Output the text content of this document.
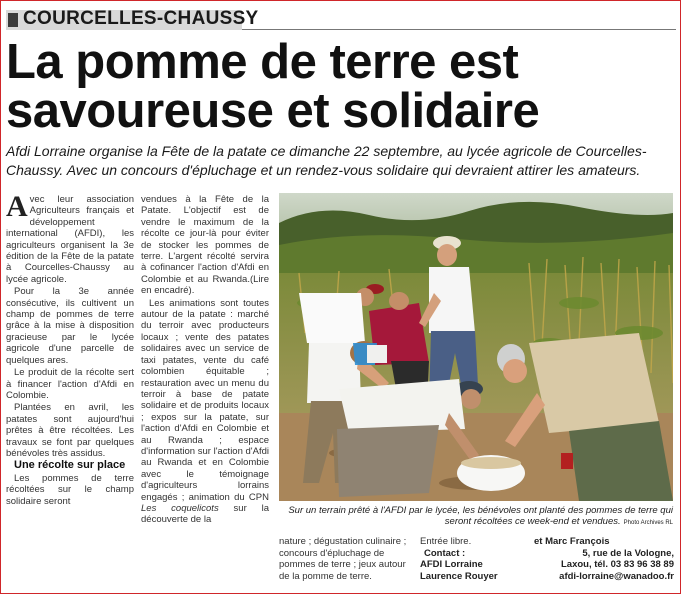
COURCELLES-CHAUSSY
La pomme de terre est
savoureuse et solidaire
Afdi Lorraine organise la Fête de la patate ce dimanche 22 septembre, au lycée agricole de Courcelles-Chaussy. Avec un concours d'épluchage et un rendez-vous solidaire qui devraient attirer les amateurs.

Avec leur association Agriculteurs français et développement international (AFDI), les agriculteurs organisent la 3e édition de la Fête de la patate à Courcelles-Chaussy au lycée agricole.

Pour la 3e année consécutive, ils cultivent un champ de pommes de terre grâce à la mise à disposition gracieuse par le lycée agricole d'une parcelle de quelques ares.

Le produit de la récolte sert à financer l'action d'Afdi en Colombie.

Plantées en avril, les patates sont aujourd'hui prêtes à être récoltées. Les travaux se font par quelques bénévoles très assidus.

Une récolte sur place

Les pommes de terre récoltées sur le champ solidaire seront

vendues à la Fête de la Patate. L'objectif est de vendre le maximum de la récolte ce jour-là pour éviter de stocker les pommes de terre. L'argent récolté servira à cofinancer l'action d'Afdi en Colombie et au Rwanda.(Lire en encadré).

Les animations sont toutes autour de la patate : marché du terroir avec producteurs locaux ; vente des patates solidaires avec un service de taxi patates, vente du café colombien équitable ; restauration avec un menu du terroir à base de patate solidaire et de produits locaux ; expos sur la patate, sur l'action d'Afdi en Colombie et au Rwanda ; espace d'information sur l'action d'Afdi au Rwanda et en Colombie avec le témoignage d'agriculteurs lorrains engagés ; animation du CPN Les coquelicots sur la découverte de la

Sur un terrain prêté à l'AFDI par le lycée, les bénévoles ont planté des pommes de terre qui seront récoltées ce week-end et vendues. Photo Archives RL
nature ; dégustation culinaire ; concours d'épluchage de pommes de terre ; jeux autour de la pomme de terre.
Entrée libre.
Contact :
AFDI Lorraine
Laurence Rouyer
et Marc François
5, rue de la Vologne,
Laxou, tél. 03 83 96 38 89
afdi-lorraine@wanadoo.fr
